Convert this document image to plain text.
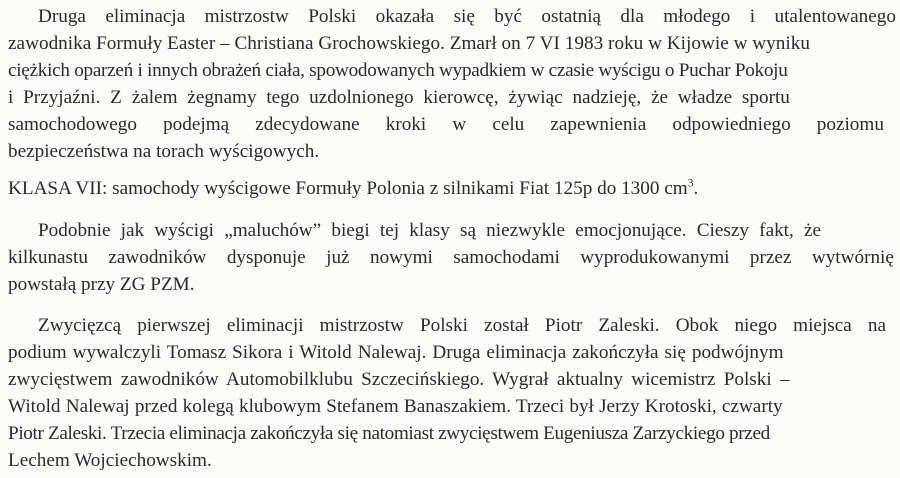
Druga eliminacja mistrzostw Polski okazała się być ostatnią dla młodego i utalentowanego
zawodnika Formuły Easter – Christiana Grochowskiego. Zmarł on 7 VI 1983 roku w Kijowie w wyniku
ciężkich oparzeń i innych obrażeń ciała, spowodowanych wypadkiem w czasie wyścigu o Puchar Pokoju
i Przyjaźni. Z żalem żegnamy tego uzdolnionego kierowcę, żywiąc nadzieję, że władze sportu
samochodowego podejmą zdecydowane kroki w celu zapewnienia odpowiedniego poziomu
bezpieczeństwa na torach wyścigowych.
KLASA VII: samochody wyścigowe Formuły Polonia z silnikami Fiat 125p do 1300 $cm^3$.
Podobnie jak wyścigi „maluchów” biegi tej klasy są niezwykle emocjonujące. Cieszy fakt, że
kilkunastu zawodników dysponuje już nowymi samochodami wyprodukowanymi przez wytwórnię
powstałą przy ZG PZM.
Zwycięzcą pierwszej eliminacji mistrzostw Polski został Piotr Zaleski. Obok niego miejsca na
podium wywalczyli Tomasz Sikora i Witold Nalewaj. Druga eliminacja zakończyła się podwójnym
zwycięstwem zawodników Automobilklubu Szczecińskiego. Wygrał aktualny wicemistrz Polski –
Witold Nalewaj przed kolegą klubowym Stefanem Banaszakiem. Trzeci był Jerzy Krotoski, czwarty
Piotr Zaleski. Trzecia eliminacja zakończyła się natomiast zwycięstwem Eugeniusza Zarzyckiego przed
Lechem Wojciechowskim.
